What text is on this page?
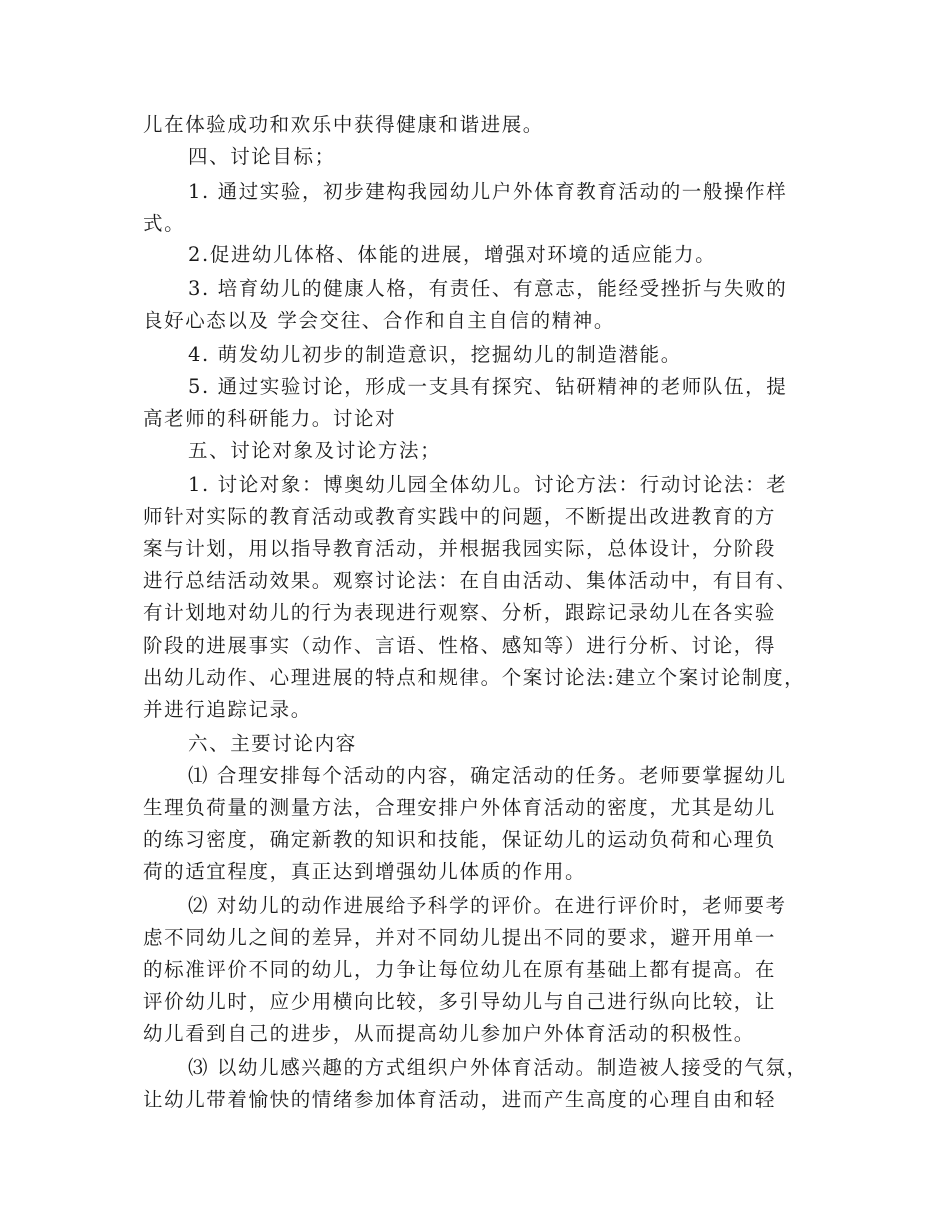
儿在体验成功和欢乐中获得健康和谐进展。
四、讨论目标；
1. 通过实验，初步建构我园幼儿户外体育教育活动的一般操作样
式。
2.促进幼儿体格、体能的进展，增强对环境的适应能力。
3. 培育幼儿的健康人格，有责任、有意志，能经受挫折与失败的
良好心态以及 学会交往、合作和自主自信的精神。
4. 萌发幼儿初步的制造意识，挖掘幼儿的制造潜能。
5. 通过实验讨论，形成一支具有探究、钻研精神的老师队伍，提
高老师的科研能力。讨论对
五、讨论对象及讨论方法；
1. 讨论对象：博奥幼儿园全体幼儿。讨论方法：行动讨论法：老
师针对实际的教育活动或教育实践中的问题，不断提出改进教育的方
案与计划，用以指导教育活动，并根据我园实际，总体设计，分阶段
进行总结活动效果。观察讨论法：在自由活动、集体活动中，有目有、
有计划地对幼儿的行为表现进行观察、分析，跟踪记录幼儿在各实验
阶段的进展事实（动作、言语、性格、感知等）进行分析、讨论，得
出幼儿动作、心理进展的特点和规律。个案讨论法:建立个案讨论制度，
并进行追踪记录。
六、主要讨论内容
⑴ 合理安排每个活动的内容，确定活动的任务。老师要掌握幼儿
生理负荷量的测量方法，合理安排户外体育活动的密度，尤其是幼儿
的练习密度，确定新教的知识和技能，保证幼儿的运动负荷和心理负
荷的适宜程度，真正达到增强幼儿体质的作用。
⑵ 对幼儿的动作进展给予科学的评价。在进行评价时，老师要考
虑不同幼儿之间的差异，并对不同幼儿提出不同的要求，避开用单一
的标准评价不同的幼儿，力争让每位幼儿在原有基础上都有提高。在
评价幼儿时，应少用横向比较，多引导幼儿与自己进行纵向比较，让
幼儿看到自己的进步，从而提高幼儿参加户外体育活动的积极性。
⑶ 以幼儿感兴趣的方式组织户外体育活动。制造被人接受的气氛，
让幼儿带着愉快的情绪参加体育活动，进而产生高度的心理自由和轻
